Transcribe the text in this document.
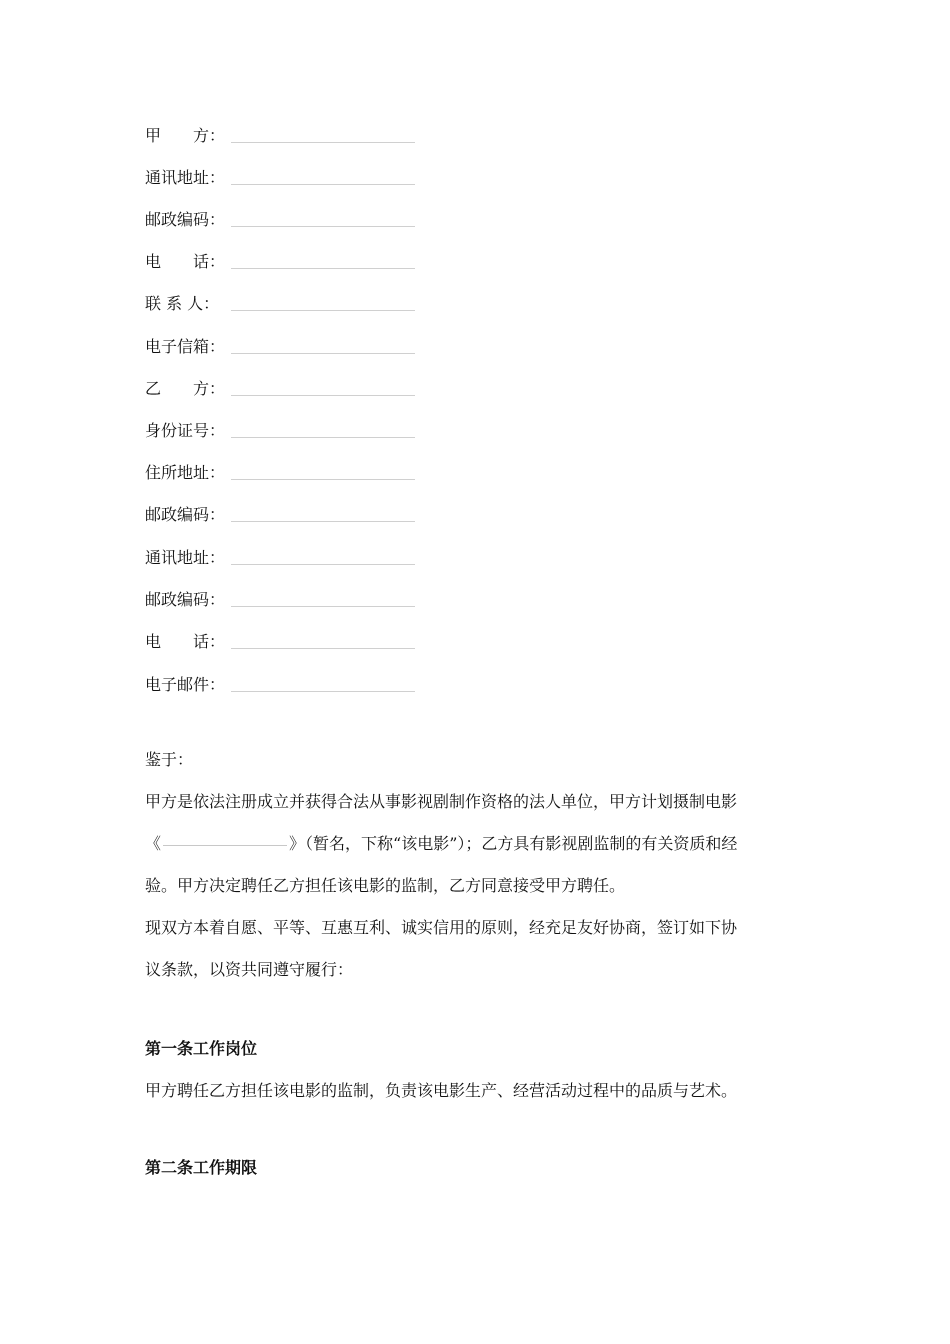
甲　　方：
通讯地址：
邮政编码：
电　　话：
联 系 人：
电子信箱：
乙　　方：
身份证号：
住所地址：
邮政编码：
通讯地址：
邮政编码：
电　　话：
电子邮件：
鉴于：
甲方是依法注册成立并获得合法从事影视剧制作资格的法人单位，甲方计划摄制电影
《	》（暂名，下称“该电影”）；乙方具有影视剧监制的有关资质和经
验。甲方决定聘任乙方担任该电影的监制，乙方同意接受甲方聘任。
现双方本着自愿、平等、互惠互利、诚实信用的原则，经充足友好协商，签订如下协
议条款，以资共同遵守履行：
第一条工作岗位
甲方聘任乙方担任该电影的监制，负责该电影生产、经营活动过程中的品质与艺术。
第二条工作期限
